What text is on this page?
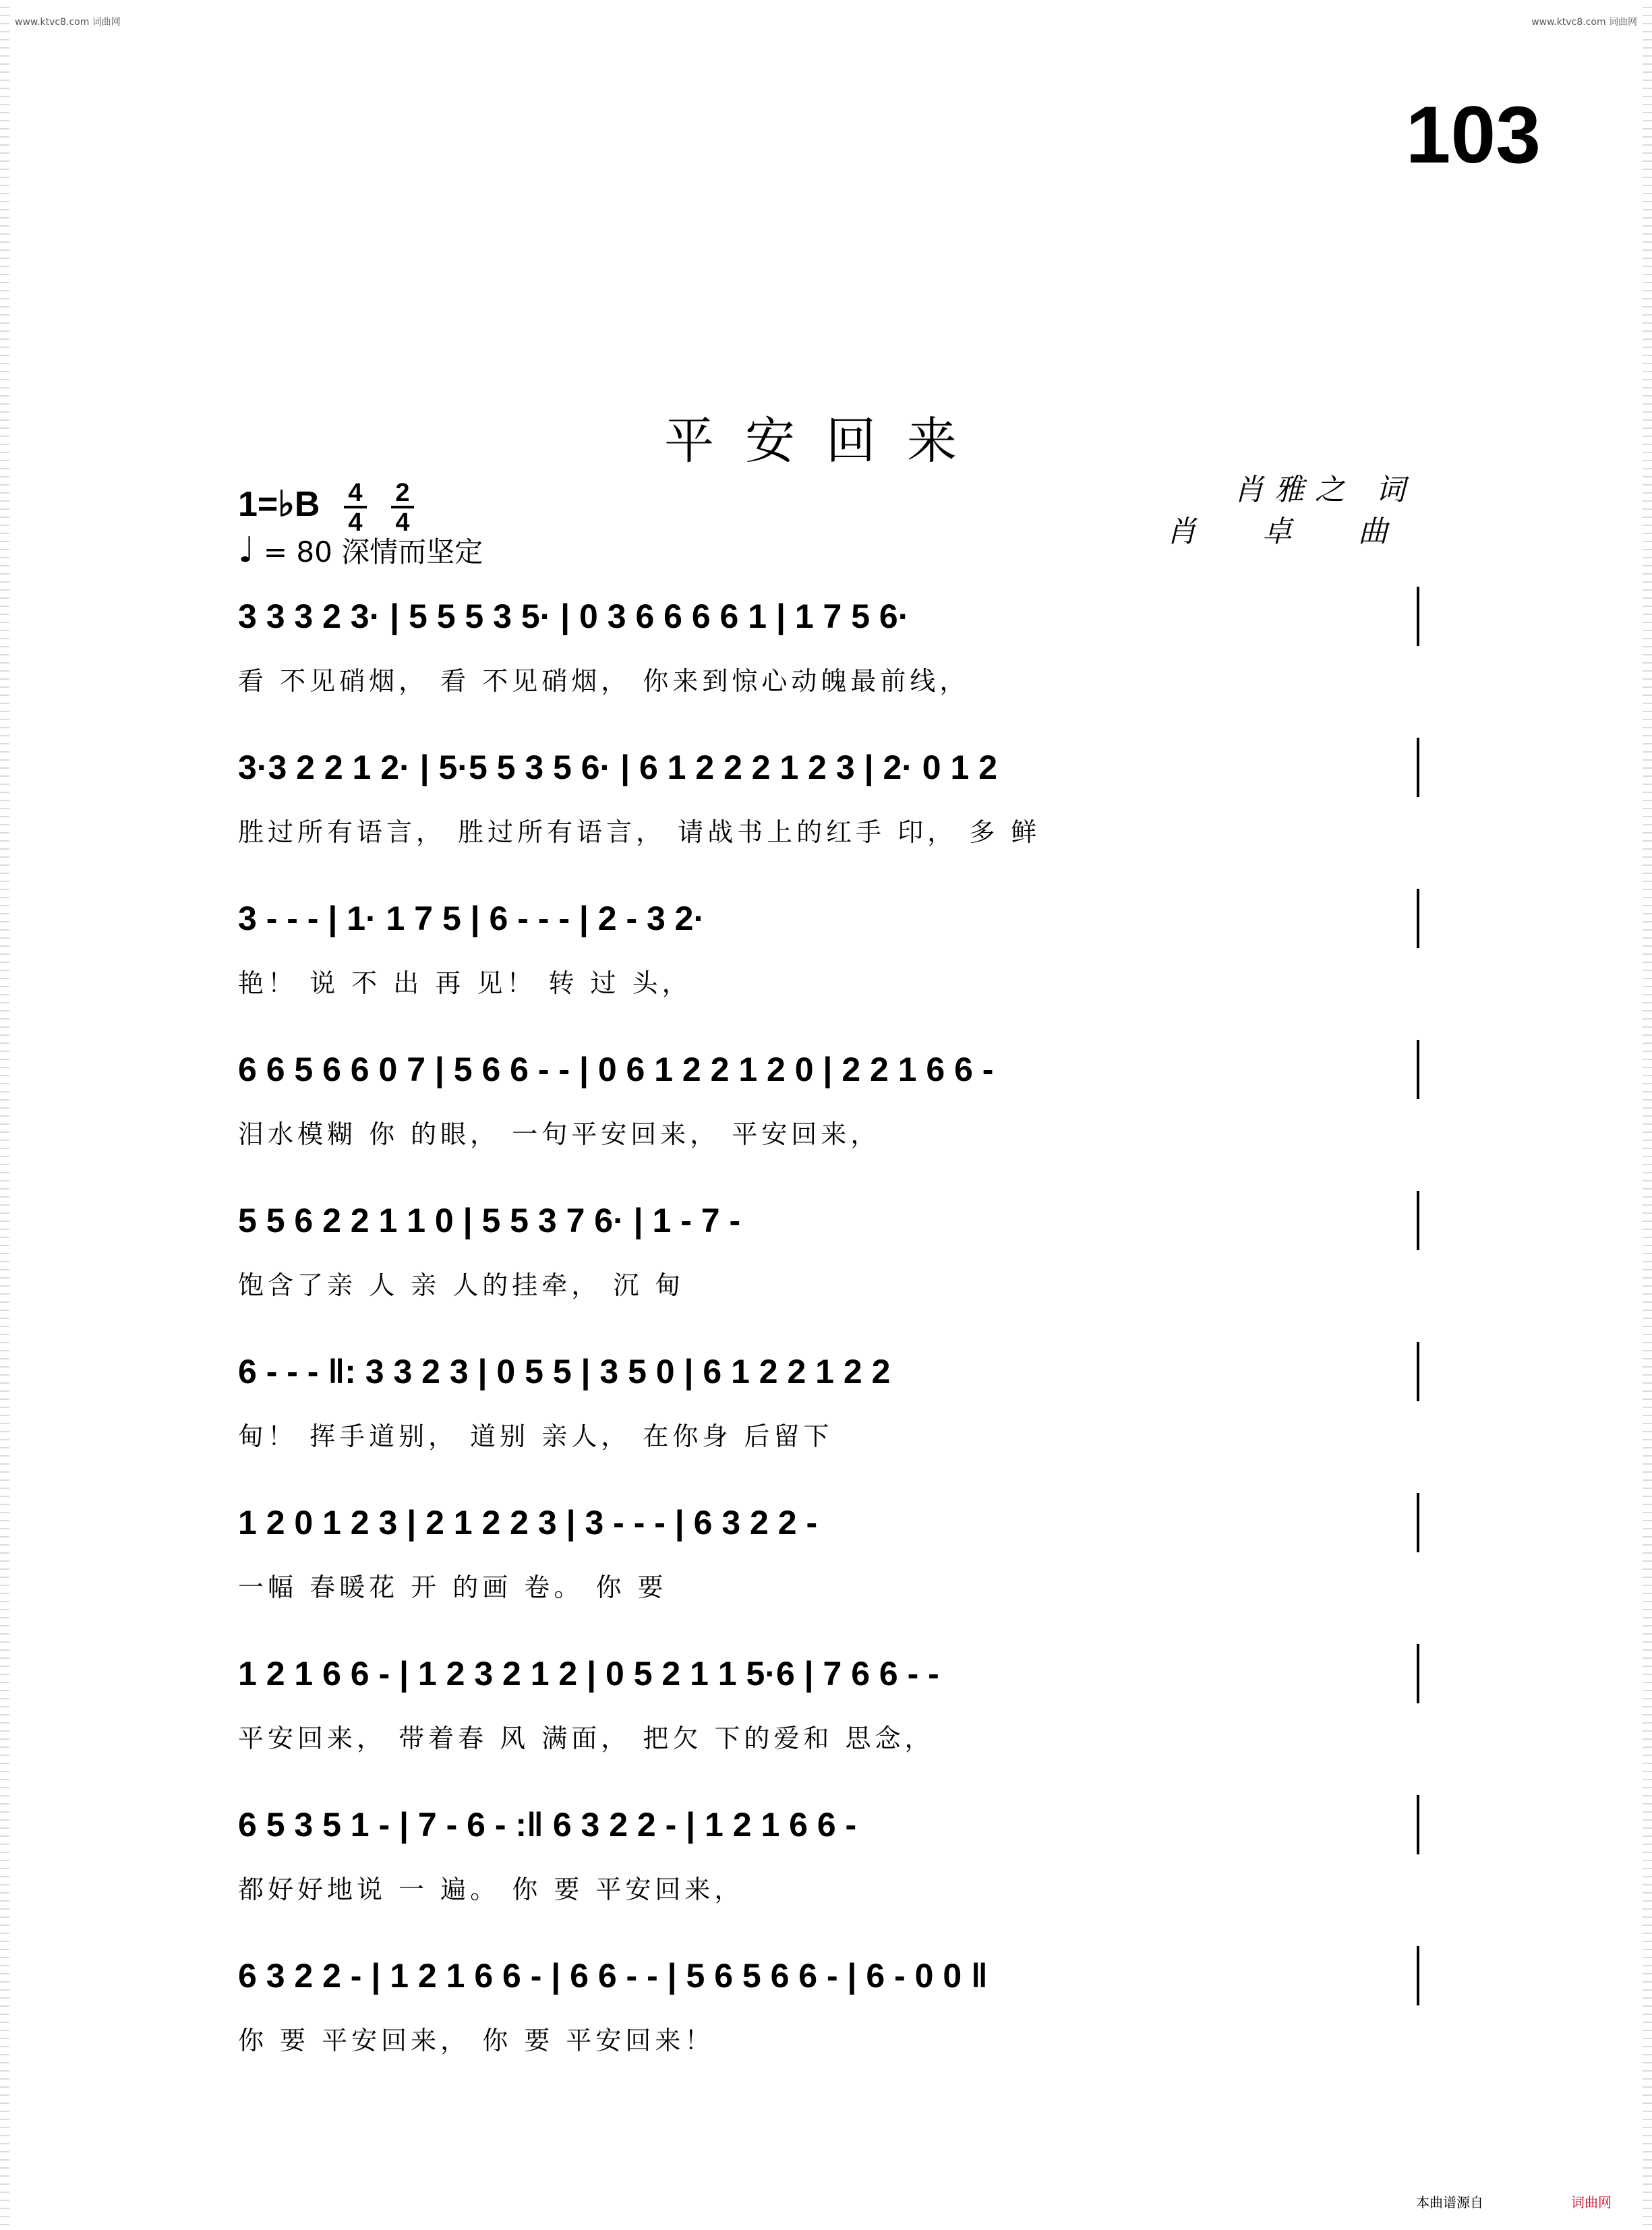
www.ktvc8.com 词曲网	www.ktvc8.com 词曲网
103
平安回来
1=♭B $\frac{4}{4} \frac{2}{4}$
♩ = 80 深情而坚定
肖雅之 词
肖 卓 曲
3 3 3 2 3· | 5 5 5 3 5· | 0 3 6 6 6 6 1 | 1 7 5 6·
看 不见硝烟， 看 不见硝烟， 你来到惊心动魄最前线，
3·3 2 2 1 2· | 5·5 5 3 5 6· | 6 1 2 2 2 1 2 3 | 2· 0 1 2
胜过所有语言， 胜过所有语言， 请战书上的红手 印， 多 鲜
3 - - - | 1· 1 7 5 | 6 - - - | 2 - 3 2·
艳！ 说 不 出 再 见！ 转 过 头，
6 6 5 6 6 0 7 | 5 6 6 - - | 0 6 1 2 2 1 2 0 | 2 2 1 6 6 -
泪水模糊 你 的眼， 一句平安回来， 平安回来，
5 5 6 2 2 1 1 0 | 5 5 3 7 6· | 1 - 7 -
饱含了亲 人 亲 人的挂牵， 沉 甸
6 - - - ‖: 3 3 2 3 | 0 5 5 | 3 5 0 | 6 1 2 2 1 2 2
甸！ 挥手道别， 道别 亲人， 在你身 后留下
1 2 0 1 2 3 | 2 1 2 2 3 | 3 - - - | 6 3 2 2 -
一幅 春暖花 开 的画 卷。 你 要
1 2 1 6 6 - | 1 2 3 2 1 2 | 0 5 2 1 1 5·6 | 7 6 6 - -
平安回来， 带着春 风 满面， 把欠 下的爱和 思念，
6 5 3 5 1 - | 7 - 6 - :‖ 6 3 2 2 - | 1 2 1 6 6 -
都好好地说 一 遍。 你 要 平安回来，
6 3 2 2 - | 1 2 1 6 6 - | 6 6 - - | 5 6 5 6 6 - | 6 - 0 0 ‖
你 要 平安回来， 你 要 平安回来！
本曲谱源自	词曲网
